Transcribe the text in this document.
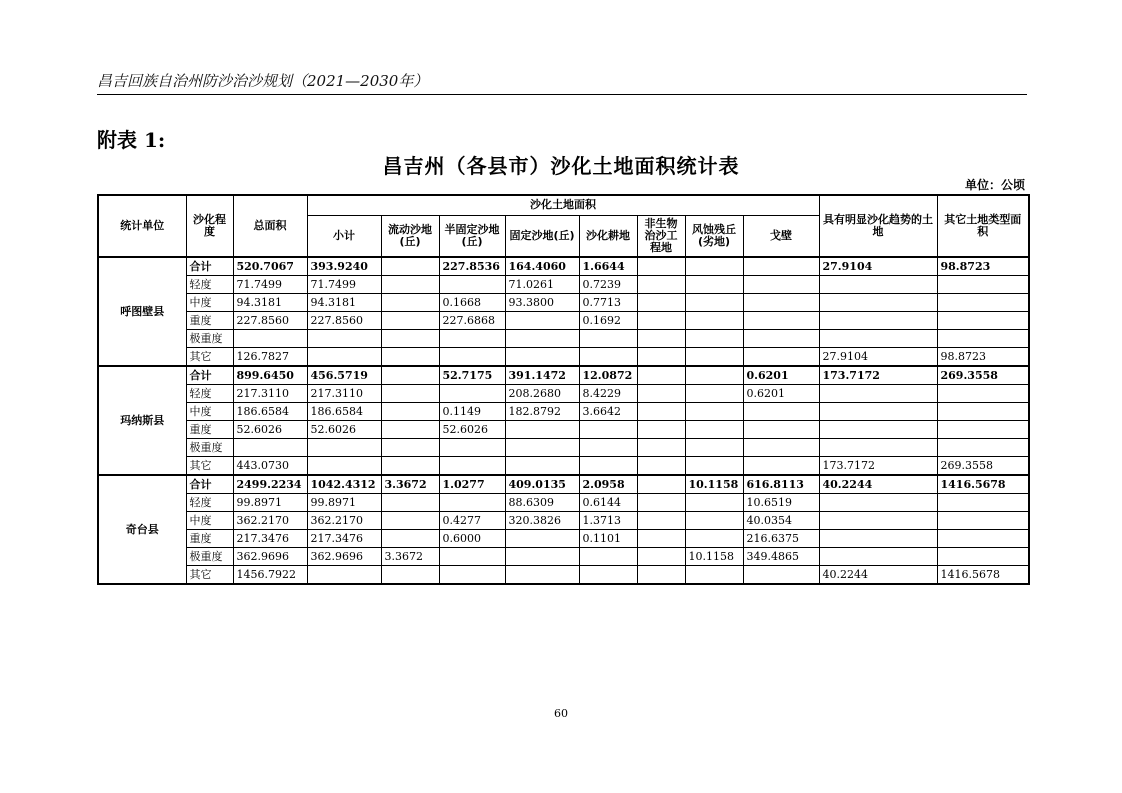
昌吉回族自治州防沙治沙规划（2021—2030年）
附表 1:
昌吉州（各县市）沙化土地面积统计表
单位：公顷
统计单位	沙化程度	总面积	沙化土地面积								具有明显沙化趋势的土地	其它土地类型面积
			小计	流动沙地(丘)	半固定沙地(丘)	固定沙地(丘)	沙化耕地	非生物治沙工程地	风蚀残丘(劣地)	戈壁		
呼图壁县	合计	520.7067	393.9240		227.8536	164.4060	1.6644				27.9104	98.8723
	轻度	71.7499	71.7499			71.0261	0.7239					
	中度	94.3181	94.3181		0.1668	93.3800	0.7713					
	重度	227.8560	227.8560		227.6868		0.1692					
	极重度											
	其它	126.7827									27.9104	98.8723
玛纳斯县	合计	899.6450	456.5719		52.7175	391.1472	12.0872			0.6201	173.7172	269.3558
	轻度	217.3110	217.3110			208.2680	8.4229			0.6201		
	中度	186.6584	186.6584		0.1149	182.8792	3.6642					
	重度	52.6026	52.6026		52.6026							
	极重度											
	其它	443.0730									173.7172	269.3558
奇台县	合计	2499.2234	1042.4312	3.3672	1.0277	409.0135	2.0958		10.1158	616.8113	40.2244	1416.5678
	轻度	99.8971	99.8971			88.6309	0.6144			10.6519		
	中度	362.2170	362.2170		0.4277	320.3826	1.3713			40.0354		
	重度	217.3476	217.3476		0.6000		0.1101			216.6375		
	极重度	362.9696	362.9696	3.3672					10.1158	349.4865		
	其它	1456.7922									40.2244	1416.5678
60
